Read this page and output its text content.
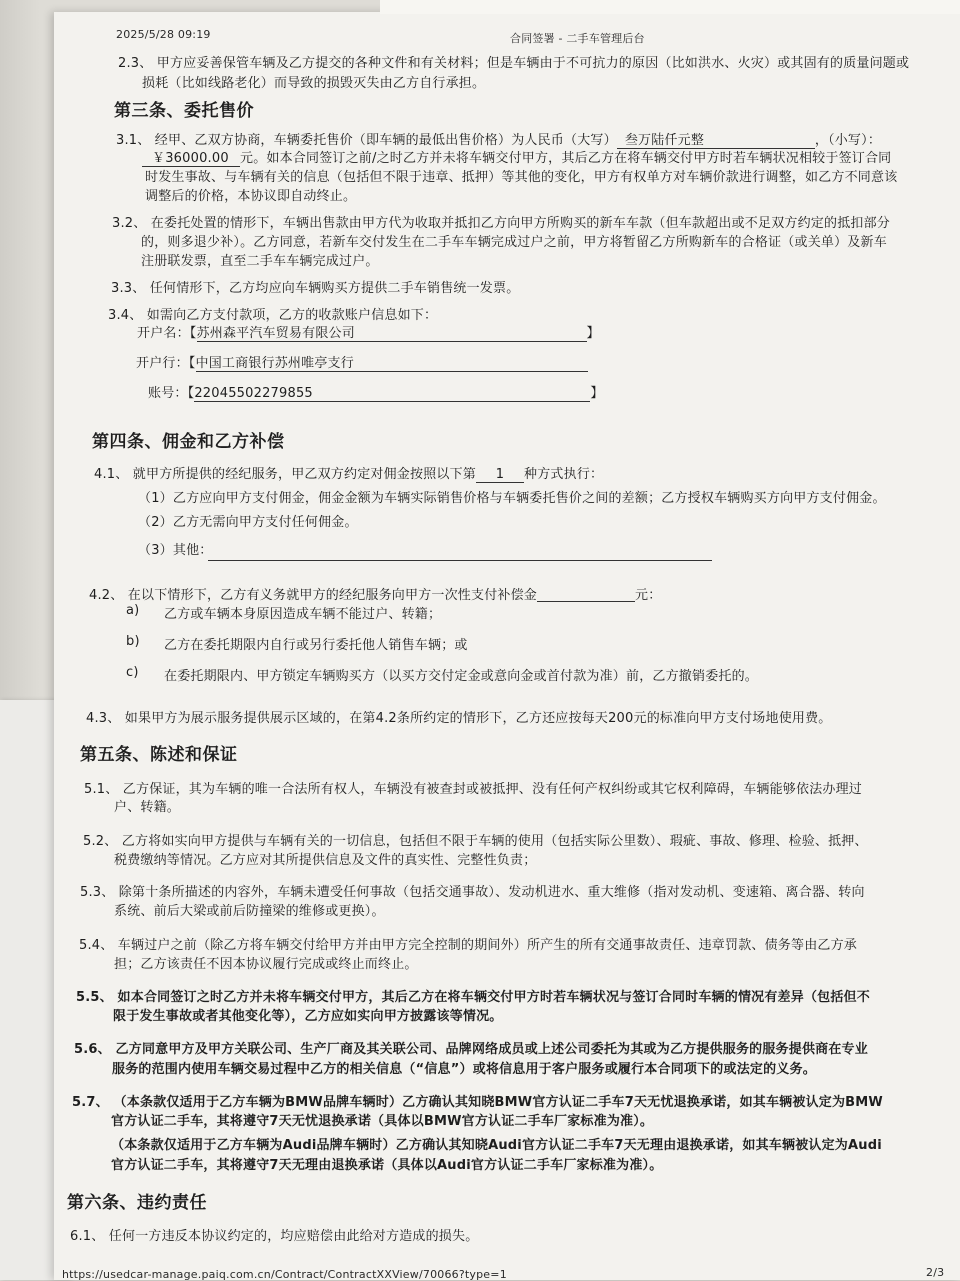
2025/5/28 09:19	合同签署 - 二手车管理后台
2.3、 甲方应妥善保管车辆及乙方提交的各种文件和有关材料；但是车辆由于不可抗力的原因（比如洪水、火灾）或其固有的质量问题或
损耗（比如线路老化）而导致的损毁灭失由乙方自行承担。
第三条、委托售价
3.1、 经甲、乙双方协商，车辆委托售价（即车辆的最低出售价格）为人民币（大写） 叁万陆仟元整	，（小写）：
￥36000.00 元。如本合同签订之前/之时乙方并未将车辆交付甲方，其后乙方在将车辆交付甲方时若车辆状况相较于签订合同
时发生事故、与车辆有关的信息（包括但不限于违章、抵押）等其他的变化，甲方有权单方对车辆价款进行调整，如乙方不同意该
调整后的价格，本协议即自动终止。
3.2、 在委托处置的情形下，车辆出售款由甲方代为收取并抵扣乙方向甲方所购买的新车车款（但车款超出或不足双方约定的抵扣部分
的，则多退少补）。乙方同意，若新车交付发生在二手车车辆完成过户之前，甲方将暂留乙方所购新车的合格证（或关单）及新车
注册联发票，直至二手车车辆完成过户。
3.3、 任何情形下，乙方均应向车辆购买方提供二手车销售统一发票。
3.4、 如需向乙方支付款项，乙方的收款账户信息如下：
开户名：【苏州森平汽车贸易有限公司	】
开户行：【中国工商银行苏州唯亭支行
账号：【22045502279855	】
第四条、佣金和乙方补偿
4.1、 就甲方所提供的经纪服务，甲乙双方约定对佣金按照以下第 1 种方式执行：
（1）乙方应向甲方支付佣金，佣金金额为车辆实际销售价格与车辆委托售价之间的差额；乙方授权车辆购买方向甲方支付佣金。
（2）乙方无需向甲方支付任何佣金。
（3）其他：
4.2、 在以下情形下，乙方有义务就甲方的经纪服务向甲方一次性支付补偿金	元：
a) 乙方或车辆本身原因造成车辆不能过户、转籍；
b) 乙方在委托期限内自行或另行委托他人销售车辆；或
c) 在委托期限内、甲方锁定车辆购买方（以买方交付定金或意向金或首付款为准）前，乙方撤销委托的。
4.3、 如果甲方为展示服务提供展示区域的，在第4.2条所约定的情形下，乙方还应按每天200元的标准向甲方支付场地使用费。
第五条、陈述和保证
5.1、 乙方保证，其为车辆的唯一合法所有权人，车辆没有被查封或被抵押、没有任何产权纠纷或其它权利障碍，车辆能够依法办理过
户、转籍。
5.2、 乙方将如实向甲方提供与车辆有关的一切信息，包括但不限于车辆的使用（包括实际公里数）、瑕疵、事故、修理、检验、抵押、
税费缴纳等情况。乙方应对其所提供信息及文件的真实性、完整性负责；
5.3、 除第十条所描述的内容外，车辆未遭受任何事故（包括交通事故）、发动机进水、重大维修（指对发动机、变速箱、离合器、转向
系统、前后大梁或前后防撞梁的维修或更换）。
5.4、 车辆过户之前（除乙方将车辆交付给甲方并由甲方完全控制的期间外）所产生的所有交通事故责任、违章罚款、债务等由乙方承
担；乙方该责任不因本协议履行完成或终止而终止。
5.5、 如本合同签订之时乙方并未将车辆交付甲方，其后乙方在将车辆交付甲方时若车辆状况与签订合同时车辆的情况有差异（包括但不
限于发生事故或者其他变化等），乙方应如实向甲方披露该等情况。
5.6、 乙方同意甲方及甲方关联公司、生产厂商及其关联公司、品牌网络成员或上述公司委托为其或为乙方提供服务的服务提供商在专业
服务的范围内使用车辆交易过程中乙方的相关信息（“信息”）或将信息用于客户服务或履行本合同项下的或法定的义务。
5.7、 （本条款仅适用于乙方车辆为BMW品牌车辆时）乙方确认其知晓BMW官方认证二手车7天无忧退换承诺，如其车辆被认定为BMW
官方认证二手车，其将遵守7天无忧退换承诺（具体以BMW官方认证二手车厂家标准为准）。
（本条款仅适用于乙方车辆为Audi品牌车辆时）乙方确认其知晓Audi官方认证二手车7天无理由退换承诺，如其车辆被认定为Audi
官方认证二手车，其将遵守7天无理由退换承诺（具体以Audi官方认证二手车厂家标准为准）。
第六条、违约责任
6.1、 任何一方违反本协议约定的，均应赔偿由此给对方造成的损失。
https://usedcar-manage.paiq.com.cn/Contract/ContractXXView/70066?type=1	2/3
